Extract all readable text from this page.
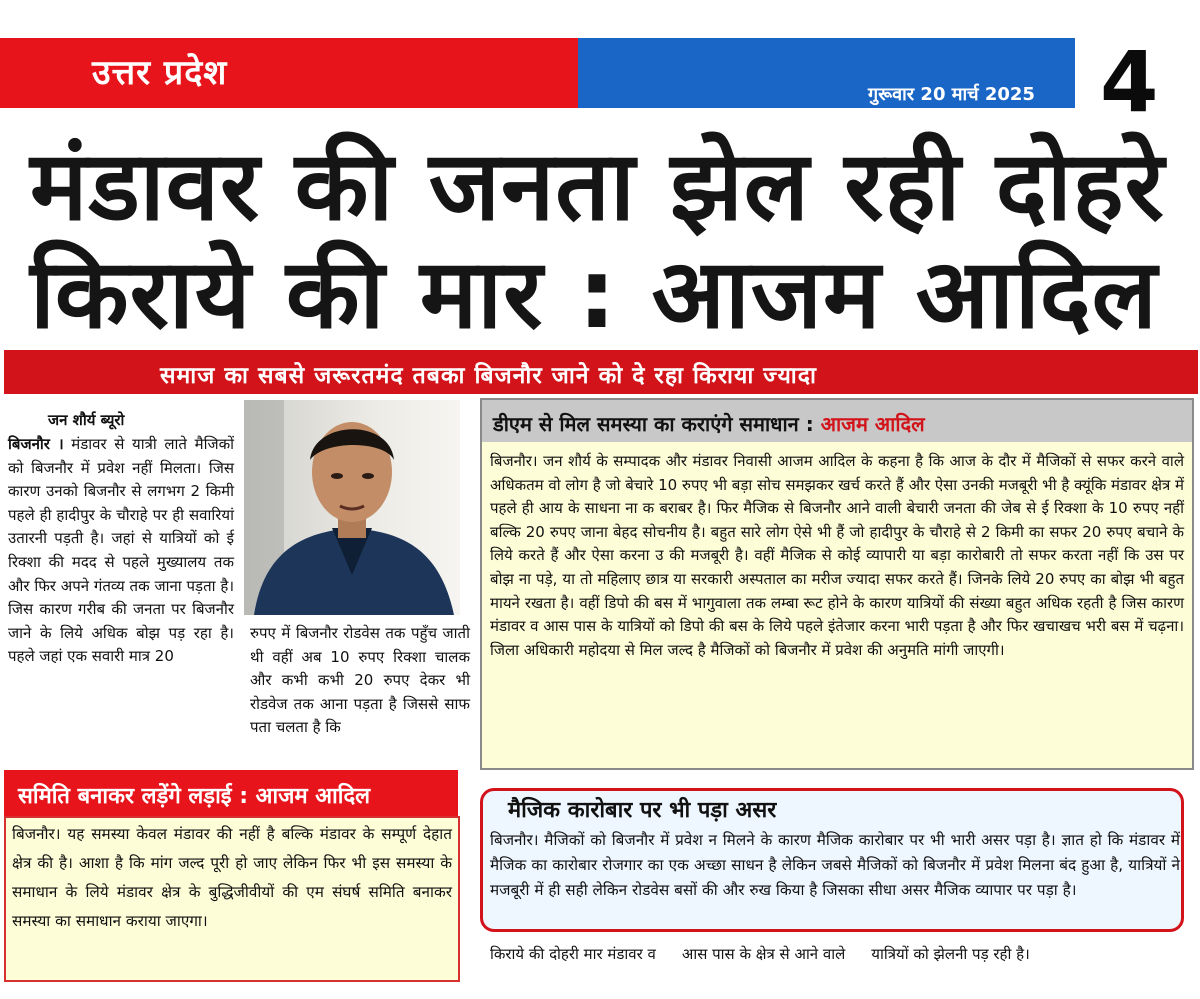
उत्तर प्रदेश
गुरूवार 20 मार्च 2025 4
मंडावर की जनता झेल रही दोहरे
किराये की मार : आजम आदिल
समाज का सबसे जरूरतमंद तबका बिजनौर जाने को दे रहा किराया ज्यादा
जन शौर्य ब्यूरो
बिजनौर । मंडावर से यात्री लाते मैजिकों को बिजनौर में प्रवेश नहीं मिलता। जिस कारण उनको बिजनौर से लगभग 2 किमी पहले ही हादीपुर के चौराहे पर ही सवारियां उतारनी पड़ती है। जहां से यात्रियों को ई रिक्शा की मदद से पहले मुख्यालय तक और फिर अपने गंतव्य तक जाना पड़ता है। जिस कारण गरीब की जनता पर बिजनौर जाने के लिये अधिक बोझ पड़ रहा है। पहले जहां एक सवारी मात्र 20
रुपए में बिजनौर रोडवेस तक पहुँच जाती थी वहीं अब 10 रुपए रिक्शा चालक और कभी कभी 20 रुपए देकर भी रोडवेज तक आना पड़ता है जिससे साफ पता चलता है कि
डीएम से मिल समस्या का कराएंगे समाधान : आजम आदिल
बिजनौर। जन शौर्य के सम्पादक और मंडावर निवासी आजम आदिल के कहना है कि आज के दौर में मैजिकों से सफर करने वाले अधिकतम वो लोग है जो बेचारे 10 रुपए भी बड़ा सोच समझकर खर्च करते हैं और ऐसा उनकी मजबूरी भी है क्यूंकि मंडावर क्षेत्र में पहले ही आय के साधना ना क बराबर है। फिर मैजिक से बिजनौर आने वाली बेचारी जनता की जेब से ई रिक्शा के 10 रुपए नहीं बल्कि 20 रुपए जाना बेहद सोचनीय है। बहुत सारे लोग ऐसे भी हैं जो हादीपुर के चौराहे से 2 किमी का सफर 20 रुपए बचाने के लिये करते हैं और ऐसा करना उ की मजबूरी है। वहीं मैजिक से कोई व्यापारी या बड़ा कारोबारी तो सफर करता नहीं कि उस पर बोझ ना पड़े, या तो महिलाए छात्र या सरकारी अस्पताल का मरीज ज्यादा सफर करते हैं। जिनके लिये 20 रुपए का बोझ भी बहुत मायने रखता है। वहीं डिपो की बस में भागुवाला तक लम्बा रूट होने के कारण यात्रियों की संख्या बहुत अधिक रहती है जिस कारण मंडावर व आस पास के यात्रियों को डिपो की बस के लिये पहले इंतेजार करना भारी पड़ता है और फिर खचाखच भरी बस में चढ़ना। जिला अधिकारी महोदया से मिल जल्द है मैजिकों को बिजनौर में प्रवेश की अनुमति मांगी जाएगी।
समिति बनाकर लड़ेंगे लड़ाई : आजम आदिल
बिजनौर। यह समस्या केवल मंडावर की नहीं है बल्कि मंडावर के सम्पूर्ण देहात क्षेत्र की है। आशा है कि मांग जल्द पूरी हो जाए लेकिन फिर भी इस समस्या के समाधान के लिये मंडावर क्षेत्र के बुद्धिजीवीयों की एम संघर्ष समिति बनाकर समस्या का समाधान कराया जाएगा।
मैजिक कारोबार पर भी पड़ा असर
बिजनौर। मैजिकों को बिजनौर में प्रवेश न मिलने के कारण मैजिक कारोबार पर भी भारी असर पड़ा है। ज्ञात हो कि मंडावर में मैजिक का कारोबार रोजगार का एक अच्छा साधन है लेकिन जबसे मैजिकों को बिजनौर में प्रवेश मिलना बंद हुआ है, यात्रियों ने मजबूरी में ही सही लेकिन रोडवेस बसों की और रुख किया है जिसका सीधा असर मैजिक व्यापार पर पड़ा है।
किराये की दोहरी मार मंडावर व आस पास के क्षेत्र से आने वाले यात्रियों को झेलनी पड़ रही है।
